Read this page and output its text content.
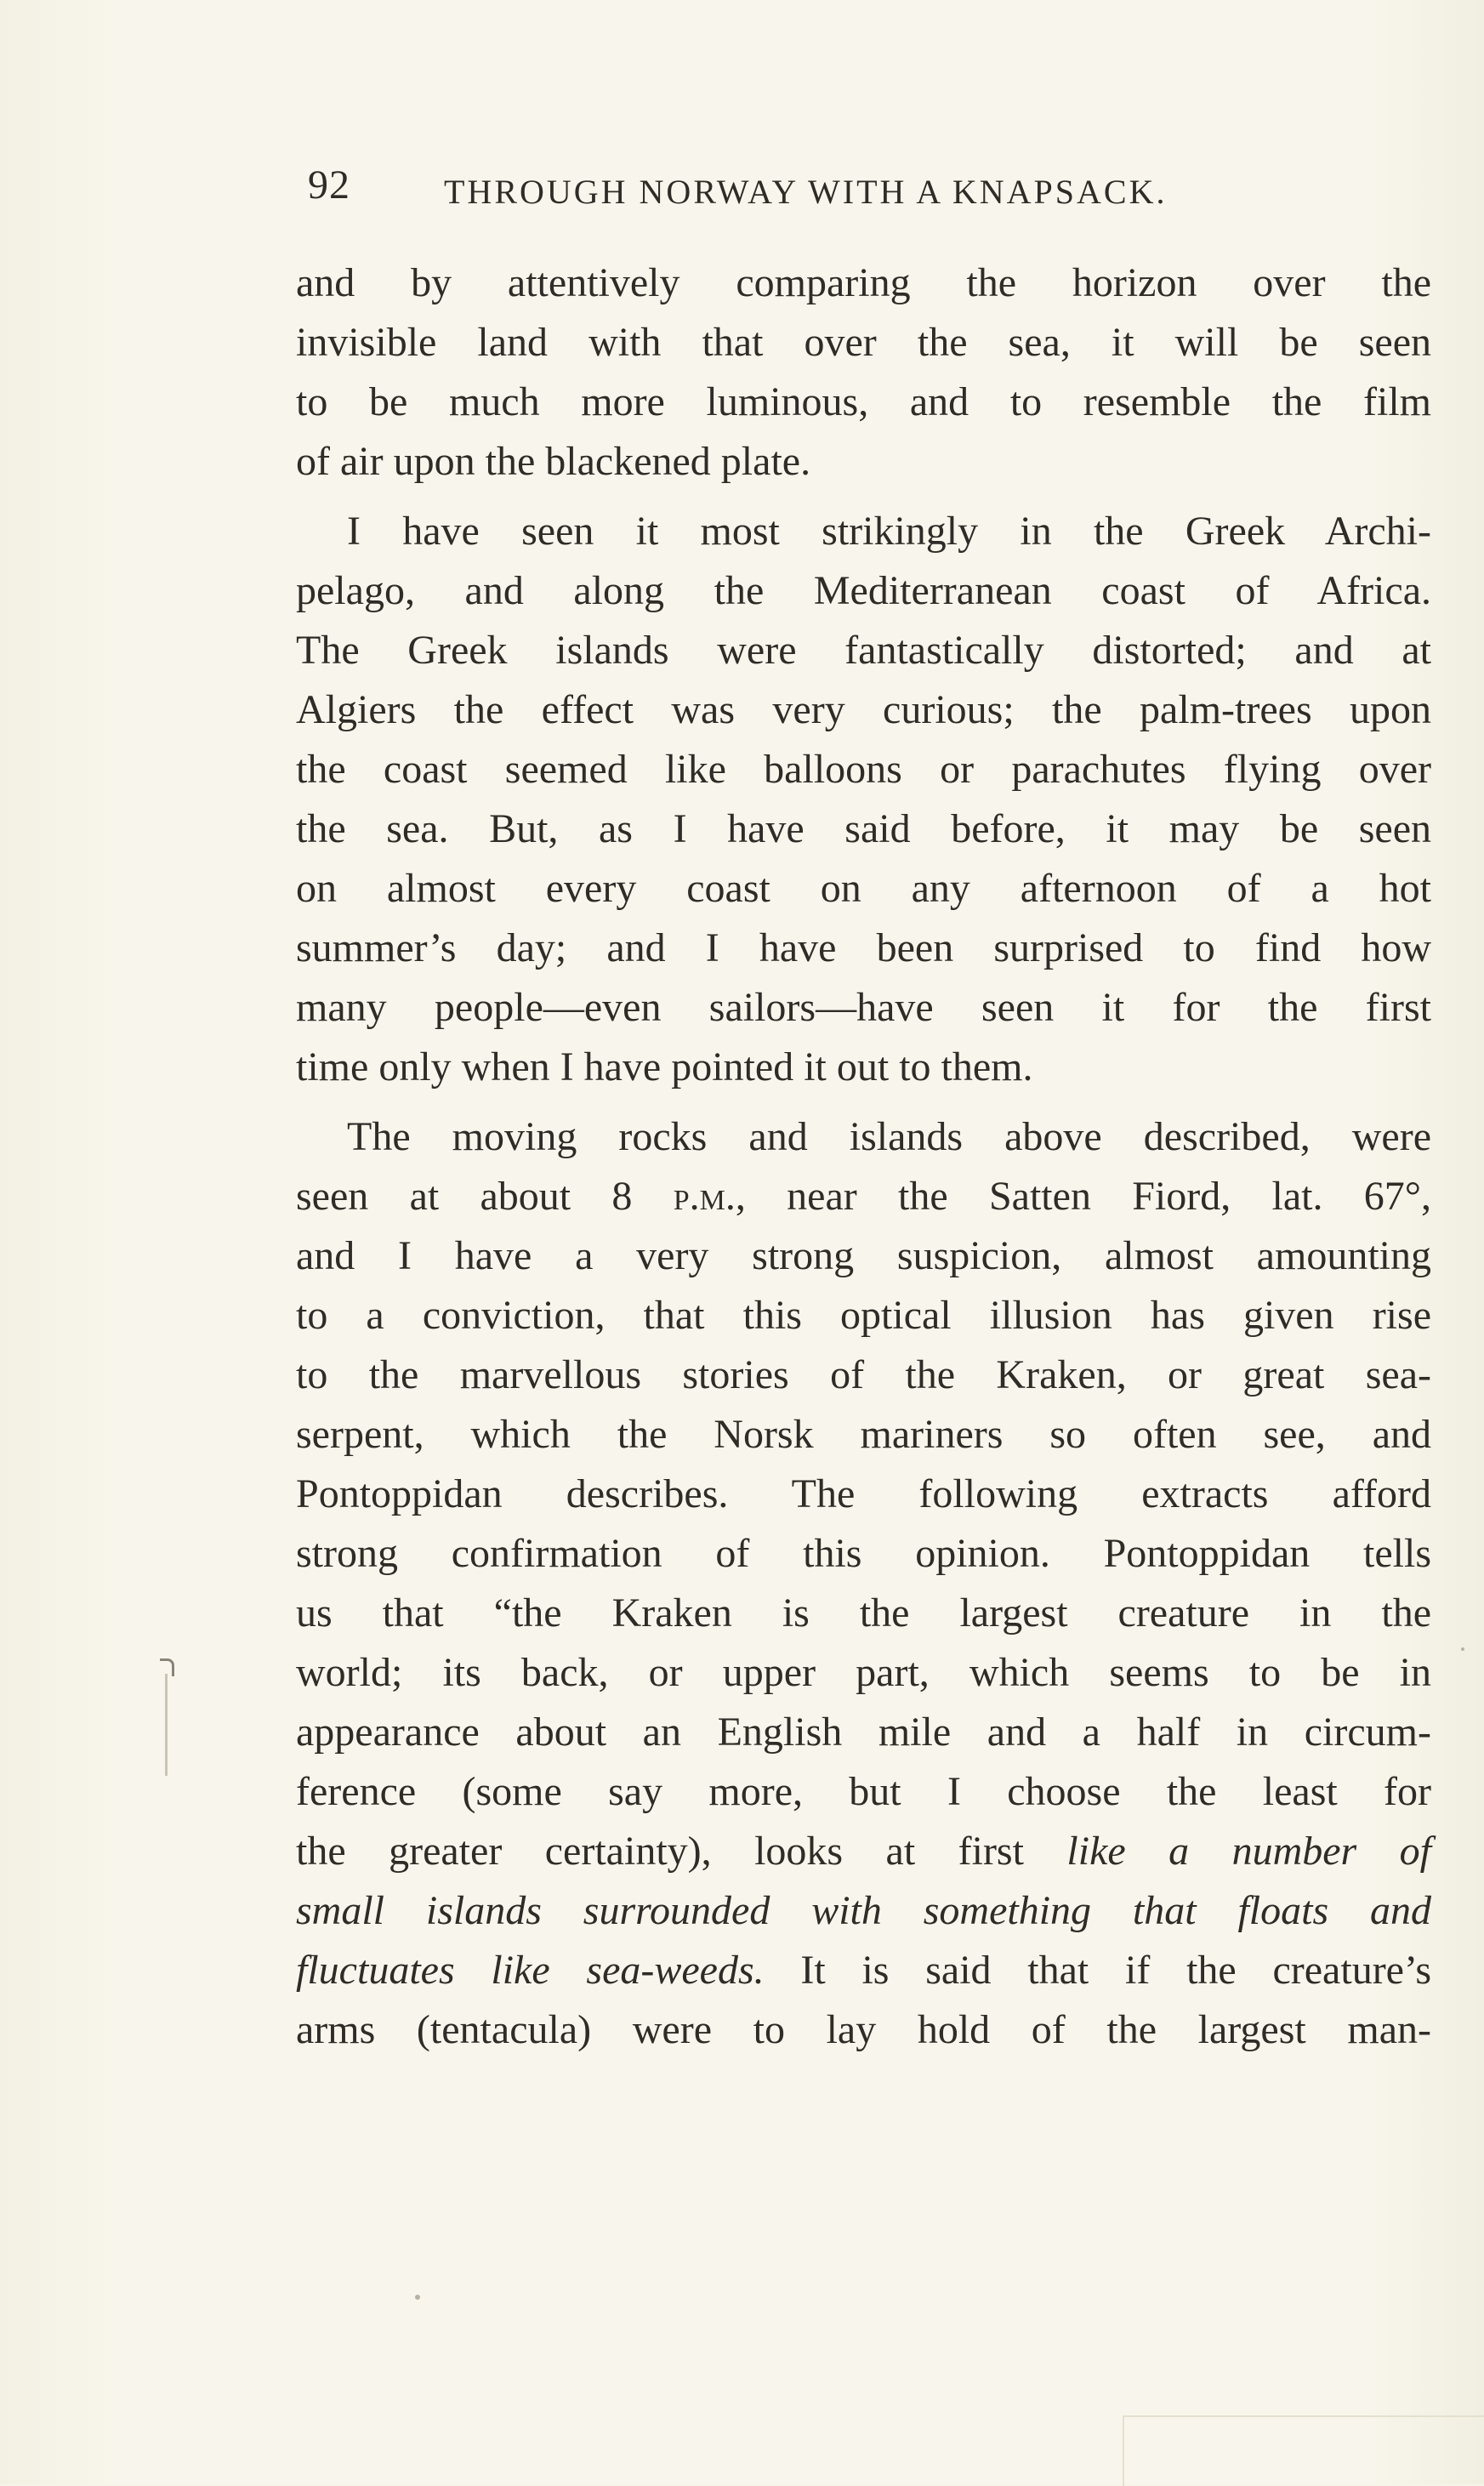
92	THROUGH NORWAY WITH A KNAPSACK.
and by attentively comparing the horizon over the
invisible land with that over the sea, it will be seen
to be much more luminous, and to resemble the film
of air upon the blackened plate.
I have seen it most strikingly in the Greek Archi-
pelago, and along the Mediterranean coast of Africa.
The Greek islands were fantastically distorted; and at
Algiers the effect was very curious; the palm-trees upon
the coast seemed like balloons or parachutes flying over
the sea. But, as I have said before, it may be seen
on almost every coast on any afternoon of a hot
summer’s day; and I have been surprised to find how
many people—even sailors—have seen it for the first
time only when I have pointed it out to them.
The moving rocks and islands above described, were
seen at about 8 p.m., near the Satten Fiord, lat. 67°,
and I have a very strong suspicion, almost amounting
to a conviction, that this optical illusion has given rise
to the marvellous stories of the Kraken, or great sea-
serpent, which the Norsk mariners so often see, and
Pontoppidan describes. The following extracts afford
strong confirmation of this opinion. Pontoppidan tells
us that “the Kraken is the largest creature in the
world; its back, or upper part, which seems to be in
appearance about an English mile and a half in circum-
ference (some say more, but I choose the least for
the greater certainty), looks at first like a number of
small islands surrounded with something that floats and
fluctuates like sea-weeds. It is said that if the creature’s
arms (tentacula) were to lay hold of the largest man-
